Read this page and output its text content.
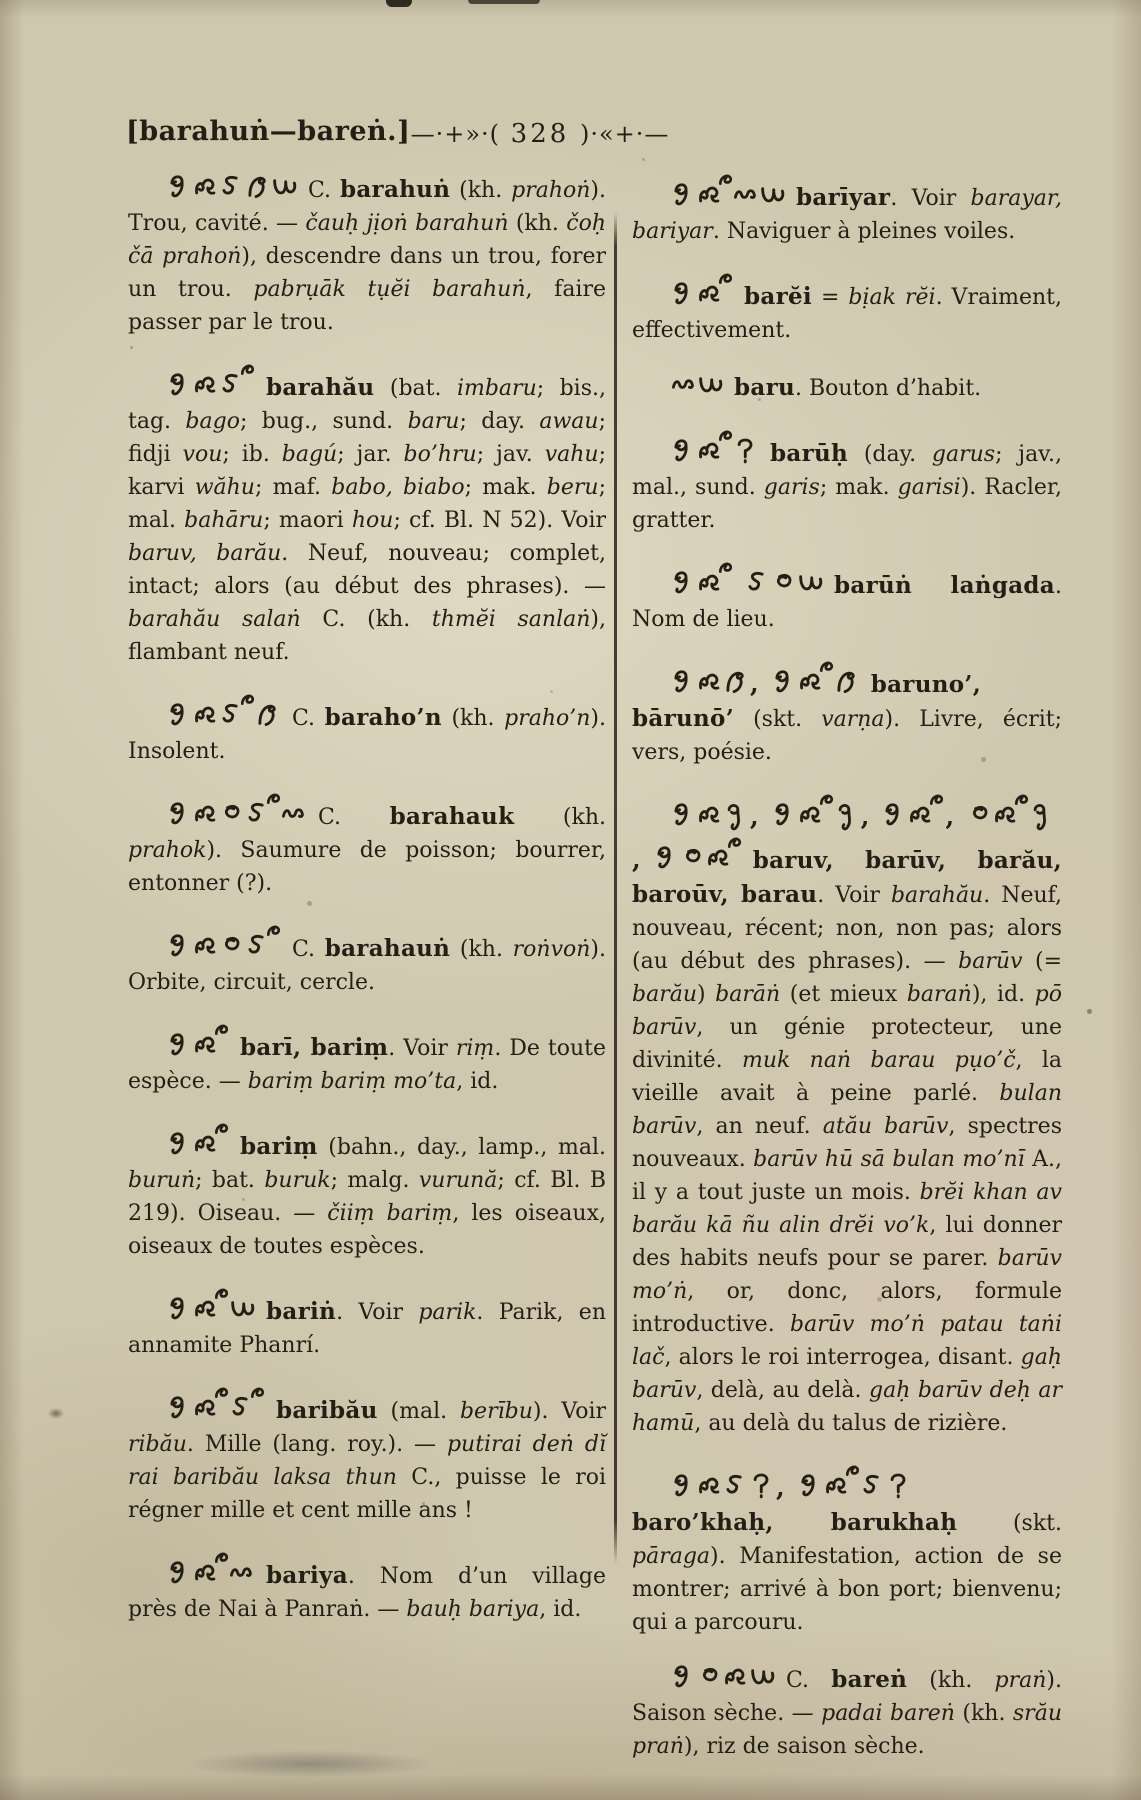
[barahuṅ—bareṅ.] —·+»·( 328 )·«+·—

C. barahuṅ (kh. prahoṅ). Trou, cavité. — čauḥ jịoṅ barahuṅ (kh. čoḥ čā prahoṅ), descendre dans un trou, forer un trou. pabrụāk tụĕi barahuṅ, faire passer par le trou.

barahău (bat. imbaru; bis., tag. bago; bug., sund. baru; day. awau; fidji vou; ib. bagú; jar. bo’hru; jav. vahu; karvi wăhu; maf. babo, biabo; mak. beru; mal. bahāru; maori hou; cf. Bl. N 52). Voir baruv, barău. Neuf, nouveau; complet, intact; alors (au début des phrases). — barahău salaṅ C. (kh. thmĕi sanlaṅ), flambant neuf.

C. baraho’n (kh. praho’n). Insolent.

C. barahauk (kh. prahok). Saumure de poisson; bourrer, entonner (?).

C. barahauṅ (kh. roṅvoṅ). Orbite, circuit, cercle.

barī, bariṃ. Voir riṃ. De toute espèce. — bariṃ bariṃ mo’ta, id.

bariṃ (bahn., day., lamp., mal. buruṅ; bat. buruk; malg. vurună; cf. Bl. B 219). Oiseau. — čiiṃ bariṃ, les oiseaux, oiseaux de toutes espèces.

bariṅ. Voir parik. Parik, en annamite Phanrí.

baribău (mal. berību). Voir ribău. Mille (lang. roy.). — putirai deṅ dĭ rai baribău laksa thun C., puisse le roi régner mille et cent mille ans !

bariya. Nom d’un village près de Nai à Panraṅ. — bauḥ bariya, id.

barīyar. Voir barayar, bariyar. Naviguer à pleines voiles.

barĕi = bịak rĕi. Vraiment, effectivement.

baru. Bouton d’habit.

barūḥ (day. garus; jav., mal., sund. garis; mak. garisi). Racler, gratter.

barūṅ laṅgada. Nom de lieu.

,	baruno’, bārunō’ (skt. varṇa). Livre, écrit; vers, poésie.

,	,	,,	baruv, barūv, barău, baroūv, barau. Voir barahău. Neuf, nouveau, récent; non, non pas; alors (au début des phrases). — barūv (= barău) barāṅ (et mieux baraṅ), id. pō barūv, un génie protecteur, une divinité. muk naṅ barau pụo’č, la vieille avait à peine parlé. bulan barūv, an neuf. atău barūv, spectres nouveaux. barūv hū sā bulan mo’nī A., il y a tout juste un mois. brĕi khan av barău kā ñu alin drĕi vo’k, lui donner des habits neufs pour se parer. barūv mo’ṅ, or, donc, alors, formule introductive. barūv mo’ṅ patau taṅi lač, alors le roi interrogea, disant. gaḥ barūv, delà, au delà. gaḥ barūv deḥ ar hamū, au delà du talus de rizière.

,baro’khaḥ, barukhaḥ (skt. pāraga). Manifestation, action de se montrer; arrivé à bon port; bienvenu; qui a parcouru.

C. bareṅ (kh. praṅ). Saison sèche. — padai bareṅ (kh. srău praṅ), riz de saison sèche.
